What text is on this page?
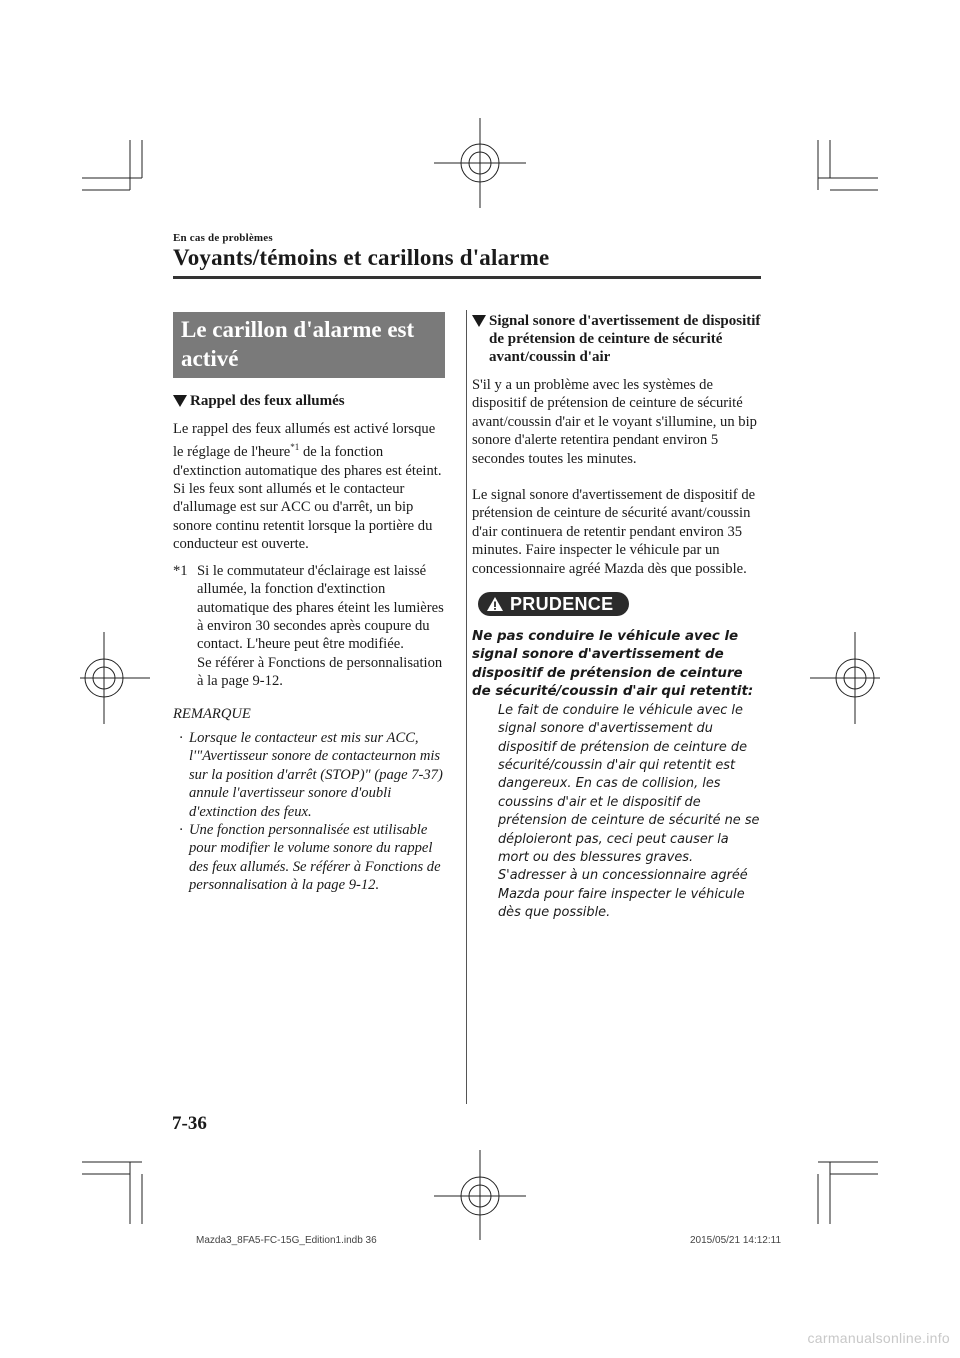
En cas de problèmes
Voyants/témoins et carillons d'alarme
Le carillon d'alarme est activé
Rappel des feux allumés

Le rappel des feux allumés est activé lorsque le réglage de l'heure$^{*1}$ de la fonction d'extinction automatique des phares est éteint.

Si les feux sont allumés et le contacteur d'allumage est sur ACC ou d'arrêt, un bip sonore continu retentit lorsque la portière du conducteur est ouverte.

*1 Si le commutateur d'éclairage est laissé allumée, la fonction d'extinction automatique des phares éteint les lumières à environ 30 secondes après coupure du contact. L'heure peut être modifiée.

Se référer à Fonctions de personnalisation à la page 9-12.

REMARQUE
· Lorsque le contacteur est mis sur ACC, l'"Avertisseur sonore de contacteurnon mis sur la position d'arrêt (STOP)" (page 7-37) annule l'avertisseur sonore d'oubli d'extinction des feux.
· Une fonction personnalisée est utilisable pour modifier le volume sonore du rappel des feux allumés. Se référer à Fonctions de personnalisation à la page 9-12.
Signal sonore d'avertissement de dispositif de prétension de ceinture de sécurité avant/coussin d'air

S'il y a un problème avec les systèmes de dispositif de prétension de ceinture de sécurité avant/coussin d'air et le voyant s'illumine, un bip sonore d'alerte retentira pendant environ 5 secondes toutes les minutes.

Le signal sonore d'avertissement de dispositif de prétension de ceinture de sécurité avant/coussin d'air continuera de retentir pendant environ 35 minutes. Faire inspecter le véhicule par un concessionnaire agréé Mazda dès que possible.

PRUDENCE

Ne pas conduire le véhicule avec le signal sonore d'avertissement de dispositif de prétension de ceinture de sécurité/coussin d'air qui retentit:

Le fait de conduire le véhicule avec le signal sonore d'avertissement du dispositif de prétension de ceinture de sécurité/coussin d'air qui retentit est dangereux. En cas de collision, les coussins d'air et le dispositif de prétension de ceinture de sécurité ne se déploieront pas, ceci peut causer la mort ou des blessures graves. S'adresser à un concessionnaire agréé Mazda pour faire inspecter le véhicule dès que possible.

7-36
Mazda3_8FA5-FC-15G_Edition1.indb 36	2015/05/21 14:12:11
carmanualsonline.info
